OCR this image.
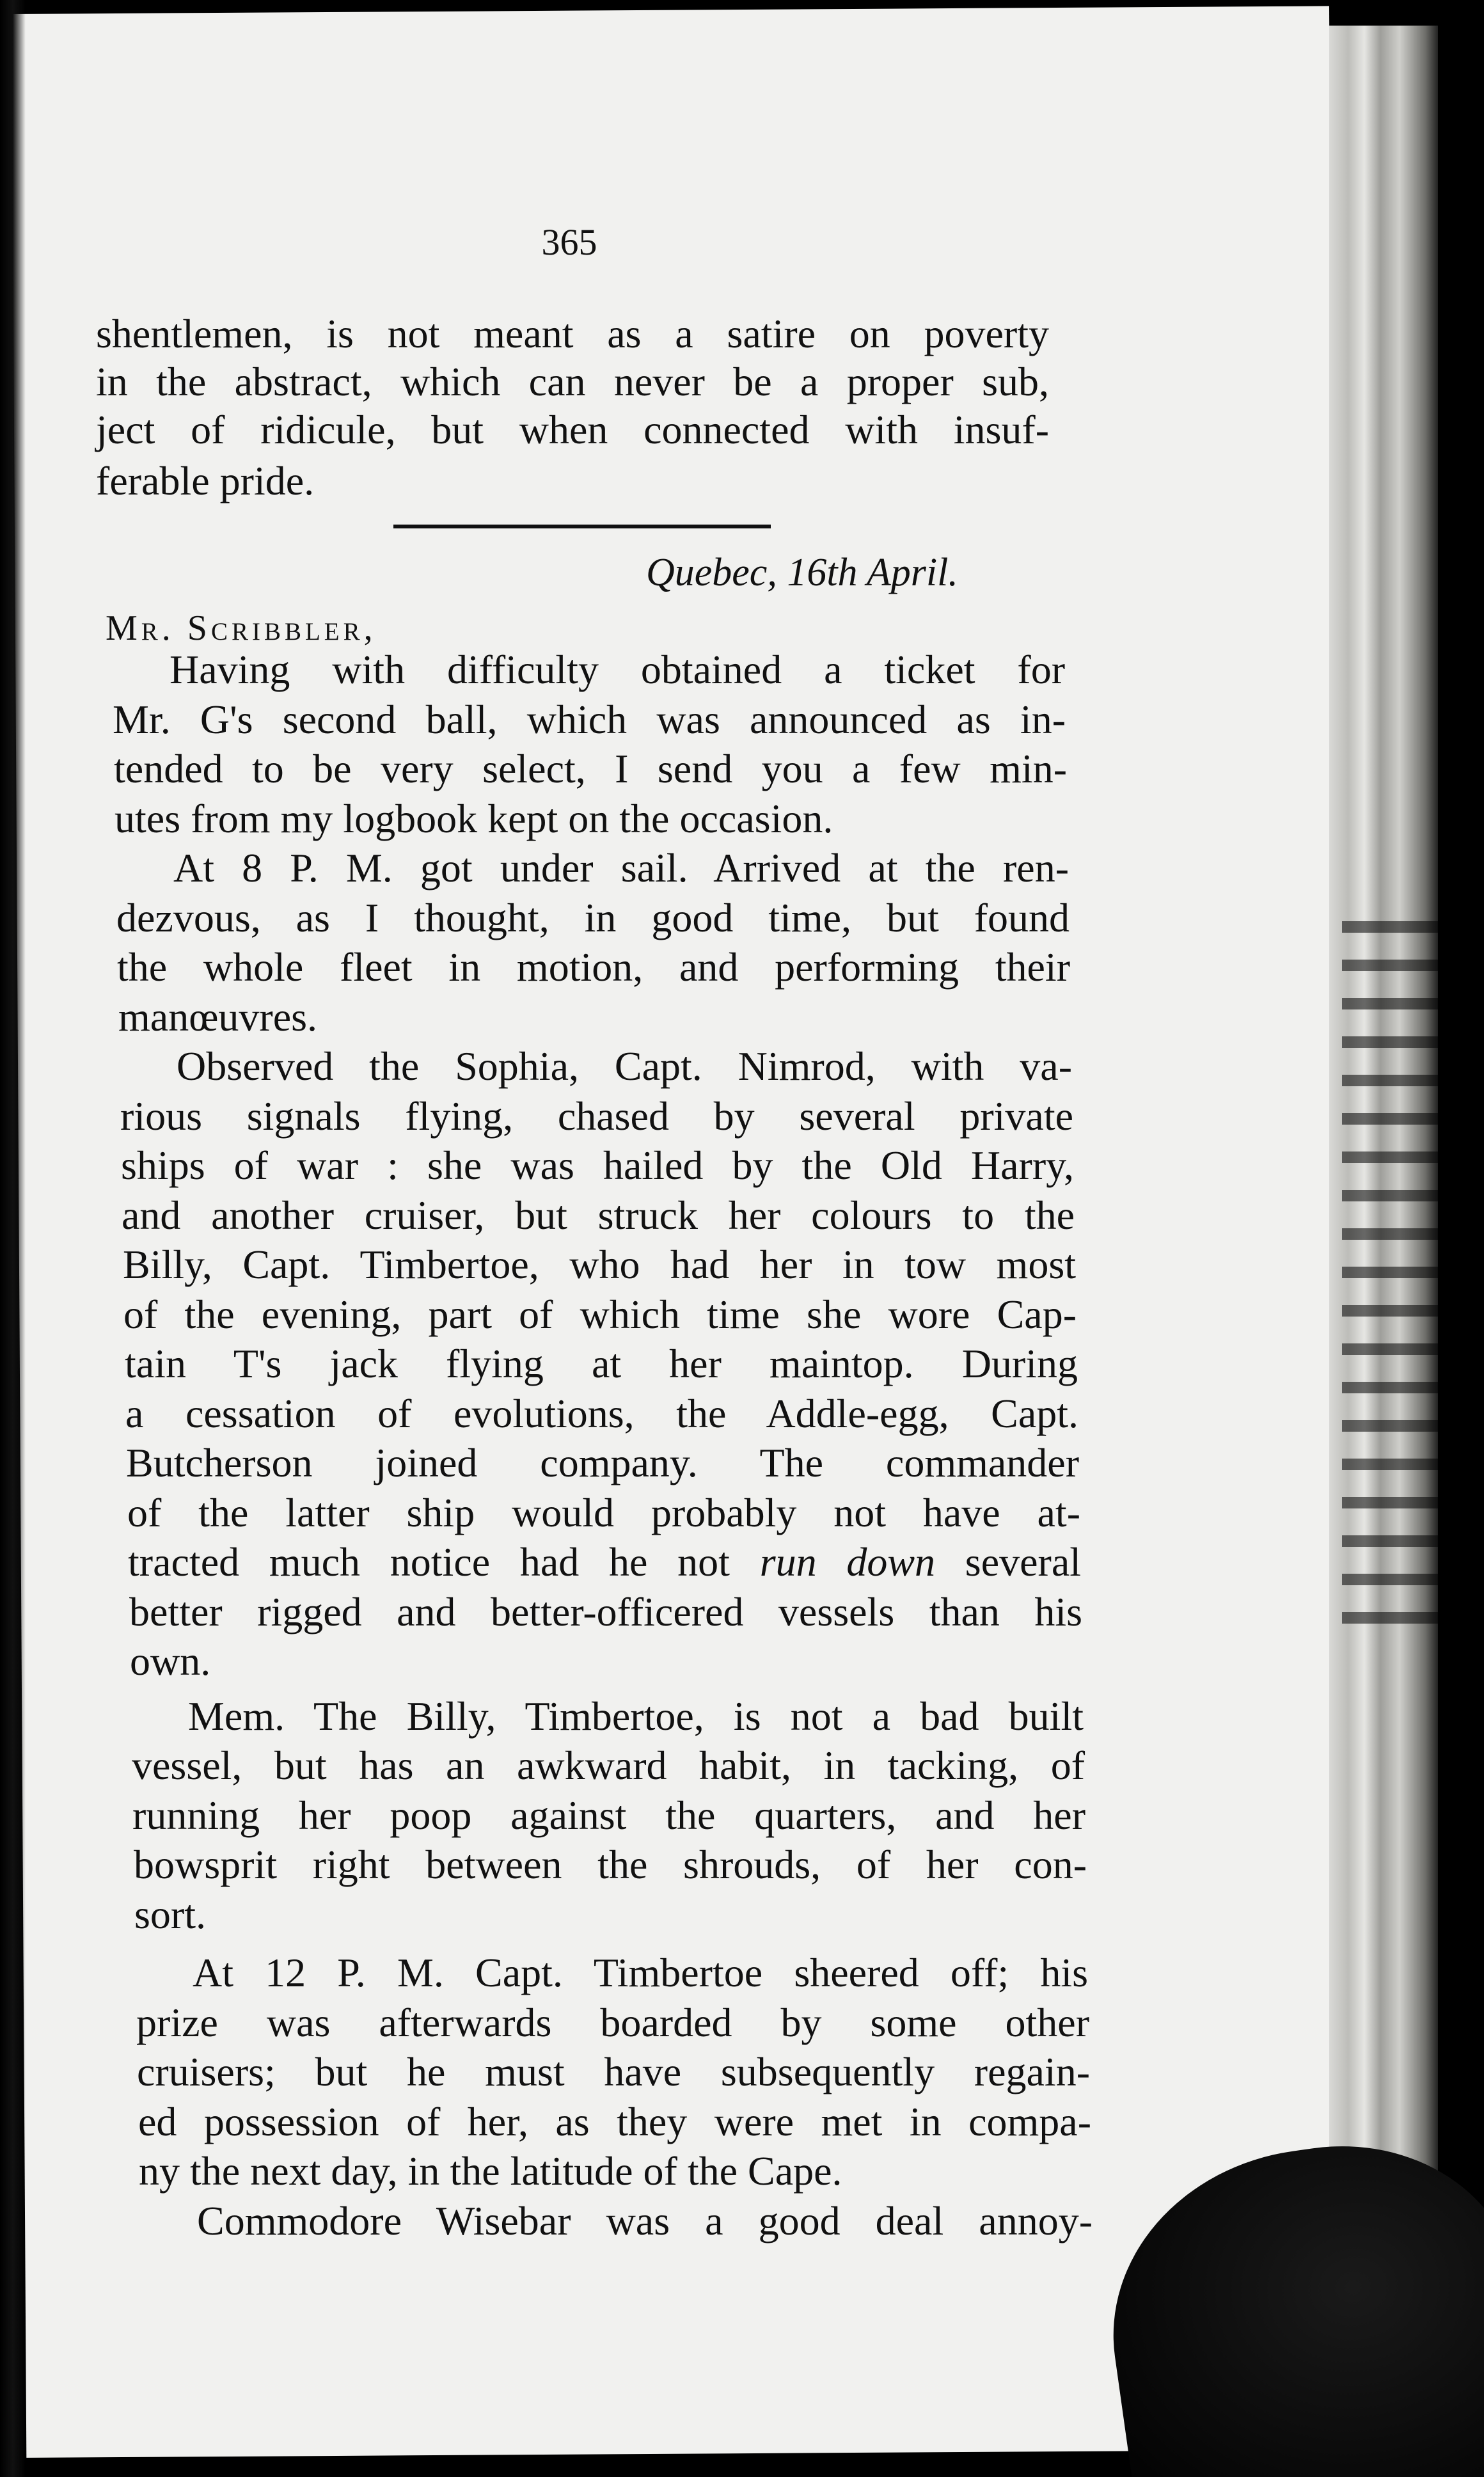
365
Quebec, 16th April.
Mr. Scribbler,
shentlemen, is not meant as a satire on poverty
in the abstract, which can never be a proper sub,
ject of ridicule, but when connected with insuf-
ferable pride.
Having with difficulty obtained a ticket for
Mr. G's second ball, which was announced as in-
tended to be very select, I send you a few min-
utes from my logbook kept on the occasion.
At 8 P. M. got under sail. Arrived at the ren-
dezvous, as I thought, in good time, but found
the whole fleet in motion, and performing their
manœuvres.
Observed the Sophia, Capt. Nimrod, with va-
rious signals flying, chased by several private
ships of war : she was hailed by the Old Harry,
and another cruiser, but struck her colours to the
Billy, Capt. Timbertoe, who had her in tow most
of the evening, part of which time she wore Cap-
tain T's jack flying at her maintop. During
a cessation of evolutions, the Addle-egg, Capt.
Butcherson joined company. The commander
of the latter ship would probably not have at-
tracted much notice had he not run down several
better rigged and better-officered vessels than his
own.
Mem. The Billy, Timbertoe, is not a bad built
vessel, but has an awkward habit, in tacking, of
running her poop against the quarters, and her
bowsprit right between the shrouds, of her con-
sort.
At 12 P. M. Capt. Timbertoe sheered off; his
prize was afterwards boarded by some other
cruisers; but he must have subsequently regain-
ed possession of her, as they were met in compa-
ny the next day, in the latitude of the Cape.
Commodore Wisebar was a good deal annoy-
